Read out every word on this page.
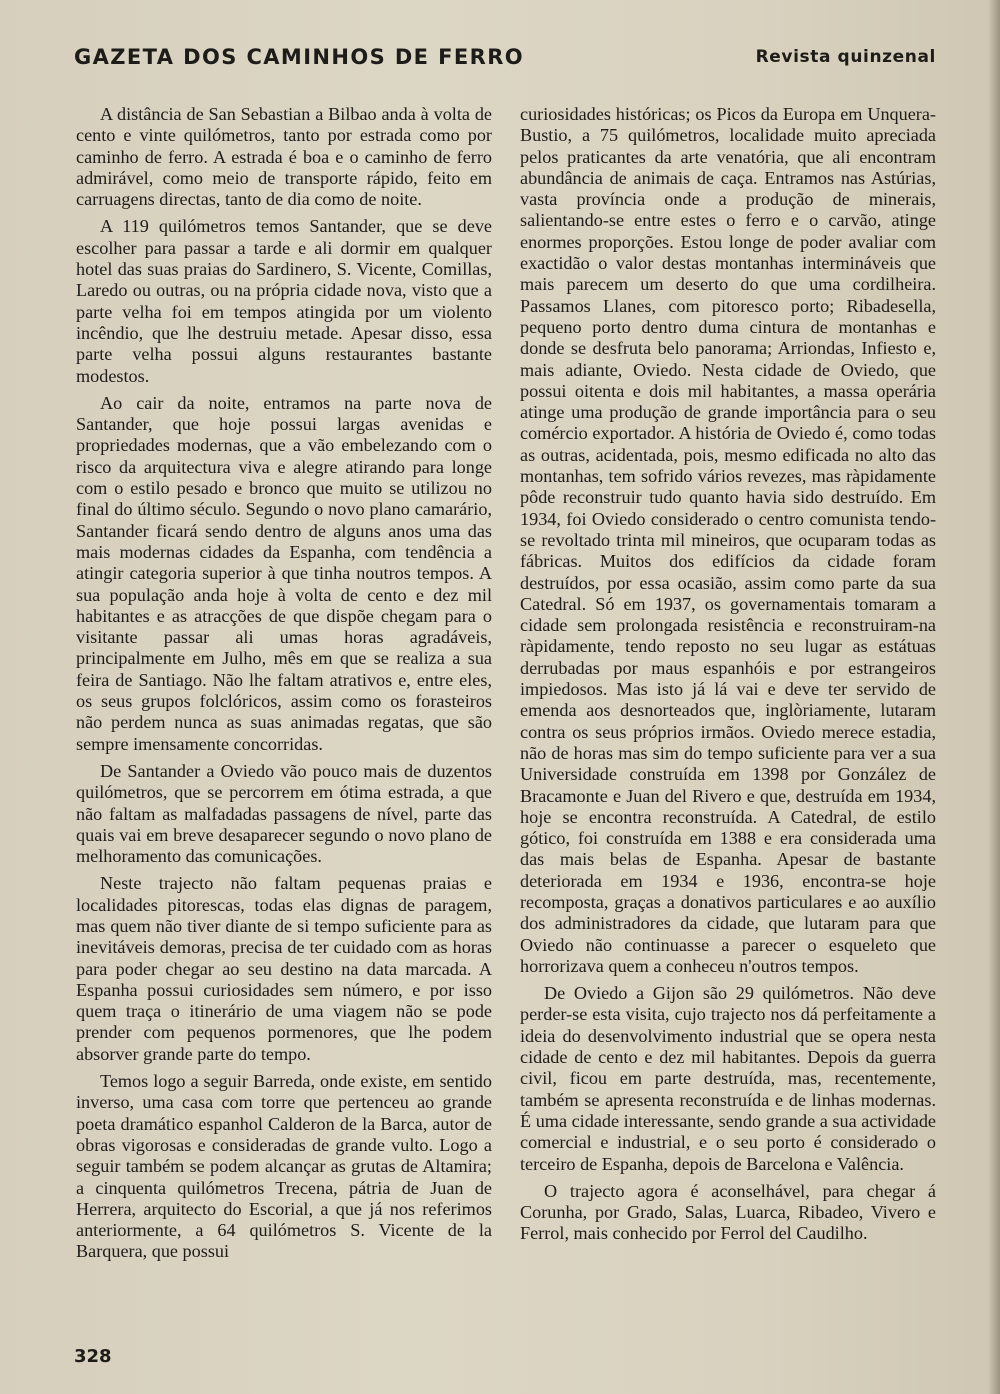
GAZETA DOS CAMINHOS DE FERRO	Revista quinzenal

A distância de San Sebastian a Bilbao anda à volta de cento e vinte quilómetros, tanto por estrada como por caminho de ferro. A estrada é boa e o caminho de ferro admirável, como meio de transporte rápido, feito em carruagens directas, tanto de dia como de noite.

A 119 quilómetros temos Santander, que se deve escolher para passar a tarde e ali dormir em qualquer hotel das suas praias do Sardinero, S. Vicente, Comillas, Laredo ou outras, ou na própria cidade nova, visto que a parte velha foi em tempos atingida por um violento incêndio, que lhe destruiu metade. Apesar disso, essa parte velha possui alguns restaurantes bastante modestos.

Ao cair da noite, entramos na parte nova de Santander, que hoje possui largas avenidas e propriedades modernas, que a vão embelezando com o risco da arquitectura viva e alegre atirando para longe com o estilo pesado e bronco que muito se utilizou no final do último século. Segundo o novo plano camarário, Santander ficará sendo dentro de alguns anos uma das mais modernas cidades da Espanha, com tendência a atingir categoria superior à que tinha noutros tempos. A sua população anda hoje à volta de cento e dez mil habitantes e as atracções de que dispõe chegam para o visitante passar ali umas horas agradáveis, principalmente em Julho, mês em que se realiza a sua feira de Santiago. Não lhe faltam atrativos e, entre eles, os seus grupos folclóricos, assim como os forasteiros não perdem nunca as suas animadas regatas, que são sempre imensamente concorridas.

De Santander a Oviedo vão pouco mais de duzentos quilómetros, que se percorrem em ótima estrada, a que não faltam as malfadadas passagens de nível, parte das quais vai em breve desaparecer segundo o novo plano de melhoramento das comunicações.

Neste trajecto não faltam pequenas praias e localidades pitorescas, todas elas dignas de paragem, mas quem não tiver diante de si tempo suficiente para as inevitáveis demoras, precisa de ter cuidado com as horas para poder chegar ao seu destino na data marcada. A Espanha possui curiosidades sem número, e por isso quem traça o itinerário de uma viagem não se pode prender com pequenos pormenores, que lhe podem absorver grande parte do tempo.

Temos logo a seguir Barreda, onde existe, em sentido inverso, uma casa com torre que pertenceu ao grande poeta dramático espanhol Calderon de la Barca, autor de obras vigorosas e consideradas de grande vulto. Logo a seguir também se podem alcançar as grutas de Altamira; a cinquenta quilómetros Trecena, pátria de Juan de Herrera, arquitecto do Escorial, a que já nos referimos anteriormente, a 64 quilómetros S. Vicente de la Barquera, que possui

curiosidades históricas; os Picos da Europa em Unquera-Bustio, a 75 quilómetros, localidade muito apreciada pelos praticantes da arte venatória, que ali encontram abundância de animais de caça. Entramos nas Astúrias, vasta província onde a produção de minerais, salientando-se entre estes o ferro e o carvão, atinge enormes proporções. Estou longe de poder avaliar com exactidão o valor destas montanhas intermináveis que mais parecem um deserto do que uma cordilheira. Passamos Llanes, com pitoresco porto; Ribadesella, pequeno porto dentro duma cintura de montanhas e donde se desfruta belo panorama; Arriondas, Infiesto e, mais adiante, Oviedo. Nesta cidade de Oviedo, que possui oitenta e dois mil habitantes, a massa operária atinge uma produção de grande importância para o seu comércio exportador. A história de Oviedo é, como todas as outras, acidentada, pois, mesmo edificada no alto das montanhas, tem sofrido vários revezes, mas ràpidamente pôde reconstruir tudo quanto havia sido destruído. Em 1934, foi Oviedo considerado o centro comunista tendo-se revoltado trinta mil mineiros, que ocuparam todas as fábricas. Muitos dos edifícios da cidade foram destruídos, por essa ocasião, assim como parte da sua Catedral. Só em 1937, os governamentais tomaram a cidade sem prolongada resistência e reconstruiram-na ràpidamente, tendo reposto no seu lugar as estátuas derrubadas por maus espanhóis e por estrangeiros impiedosos. Mas isto já lá vai e deve ter servido de emenda aos desnorteados que, inglòriamente, lutaram contra os seus próprios irmãos. Oviedo merece estadia, não de horas mas sim do tempo suficiente para ver a sua Universidade construída em 1398 por González de Bracamonte e Juan del Rivero e que, destruída em 1934, hoje se encontra reconstruída. A Catedral, de estilo gótico, foi construída em 1388 e era considerada uma das mais belas de Espanha. Apesar de bastante deteriorada em 1934 e 1936, encontra-se hoje recomposta, graças a donativos particulares e ao auxílio dos administradores da cidade, que lutaram para que Oviedo não continuasse a parecer o esqueleto que horrorizava quem a conheceu n'outros tempos.

De Oviedo a Gijon são 29 quilómetros. Não deve perder-se esta visita, cujo trajecto nos dá perfeitamente a ideia do desenvolvimento industrial que se opera nesta cidade de cento e dez mil habitantes. Depois da guerra civil, ficou em parte destruída, mas, recentemente, também se apresenta reconstruída e de linhas modernas. É uma cidade interessante, sendo grande a sua actividade comercial e industrial, e o seu porto é considerado o terceiro de Espanha, depois de Barcelona e Valência.

O trajecto agora é aconselhável, para chegar á Corunha, por Grado, Salas, Luarca, Ribadeo, Vivero e Ferrol, mais conhecido por Ferrol del Caudilho.

328
